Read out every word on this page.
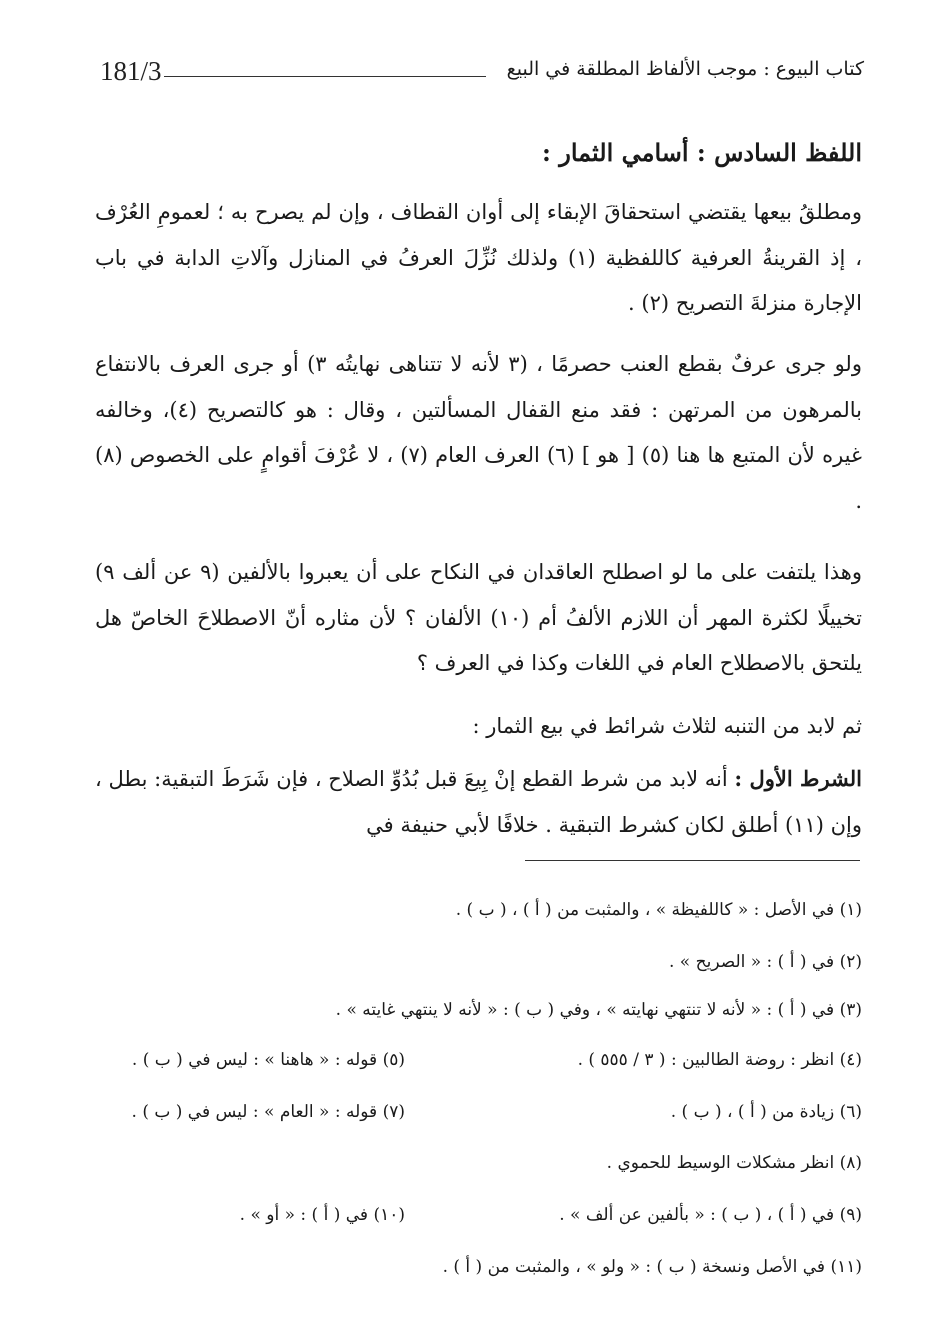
181/3	كتاب البيوع : موجب الألفاظ المطلقة في البيع
اللفظ السادس : أسامي الثمار :

ومطلقُ بيعها يقتضي استحقاقَ الإبقاء إلى أوان القطاف ، وإن لم يصرح به ؛ لعمومِ العُرْف ، إذ القرينةُ العرفية كاللفظية (١) ولذلك نُزِّلَ العرفُ في المنازل وآلاتِ الدابة في باب الإجارة منزلةَ التصريح (٢) .

ولو جرى عرفٌ بقطع العنب حصرمًا ، (٣ لأنه لا تتناهى نهايتُه ٣) أو جرى العرف بالانتفاع بالمرهون من المرتهن : فقد منع القفال المسألتين ، وقال : هو كالتصريح (٤)، وخالفه غيره لأن المتبع ها هنا (٥) [ هو ] (٦) العرف العام (٧) ، لا عُرْفَ أقوامٍ على الخصوص (٨) .

وهذا يلتفت على ما لو اصطلح العاقدان في النكاح على أن يعبروا بالألفين (٩ عن ألف ٩) تخييلًا لكثرة المهر أن اللازم الألفُ أم (١٠) الألفان ؟ لأن مثاره أنّ الاصطلاحَ الخاصّ هل يلتحق بالاصطلاح العام في اللغات وكذا في العرف ؟

ثم لابد من التنبه لثلاث شرائط في بيع الثمار :

الشرط الأول : أنه لابد من شرط القطع إنْ بِيعَ قبل بُدُوِّ الصلاح ، فإن شَرَطَ التبقية: بطل ، وإن (١١) أطلق لكان كشرط التبقية . خلافًا لأبي حنيفة في

(١) في الأصل : « كاللفيظة » ، والمثبت من ( أ ) ، ( ب ) .
(٢) في ( أ ) : « الصريح » .
(٣) في ( أ ) : « لأنه لا تنتهي نهايته » ، وفي ( ب ) : « لأنه لا ينتهي غايته » .
(٤) انظر : روضة الطالبين : ( ٣ / ٥٥٥ ) .
(٥) قوله : « هاهنا » : ليس في ( ب ) .
(٦) زيادة من ( أ ) ، ( ب ) .
(٧) قوله : « العام » : ليس في ( ب ) .
(٨) انظر مشكلات الوسيط للحموي .
(٩) في ( أ ) ، ( ب ) : « بألفين عن ألف » .
(١٠) في ( أ ) : « أو » .
(١١) في الأصل ونسخة ( ب ) : « ولو » ، والمثبت من ( أ ) .
